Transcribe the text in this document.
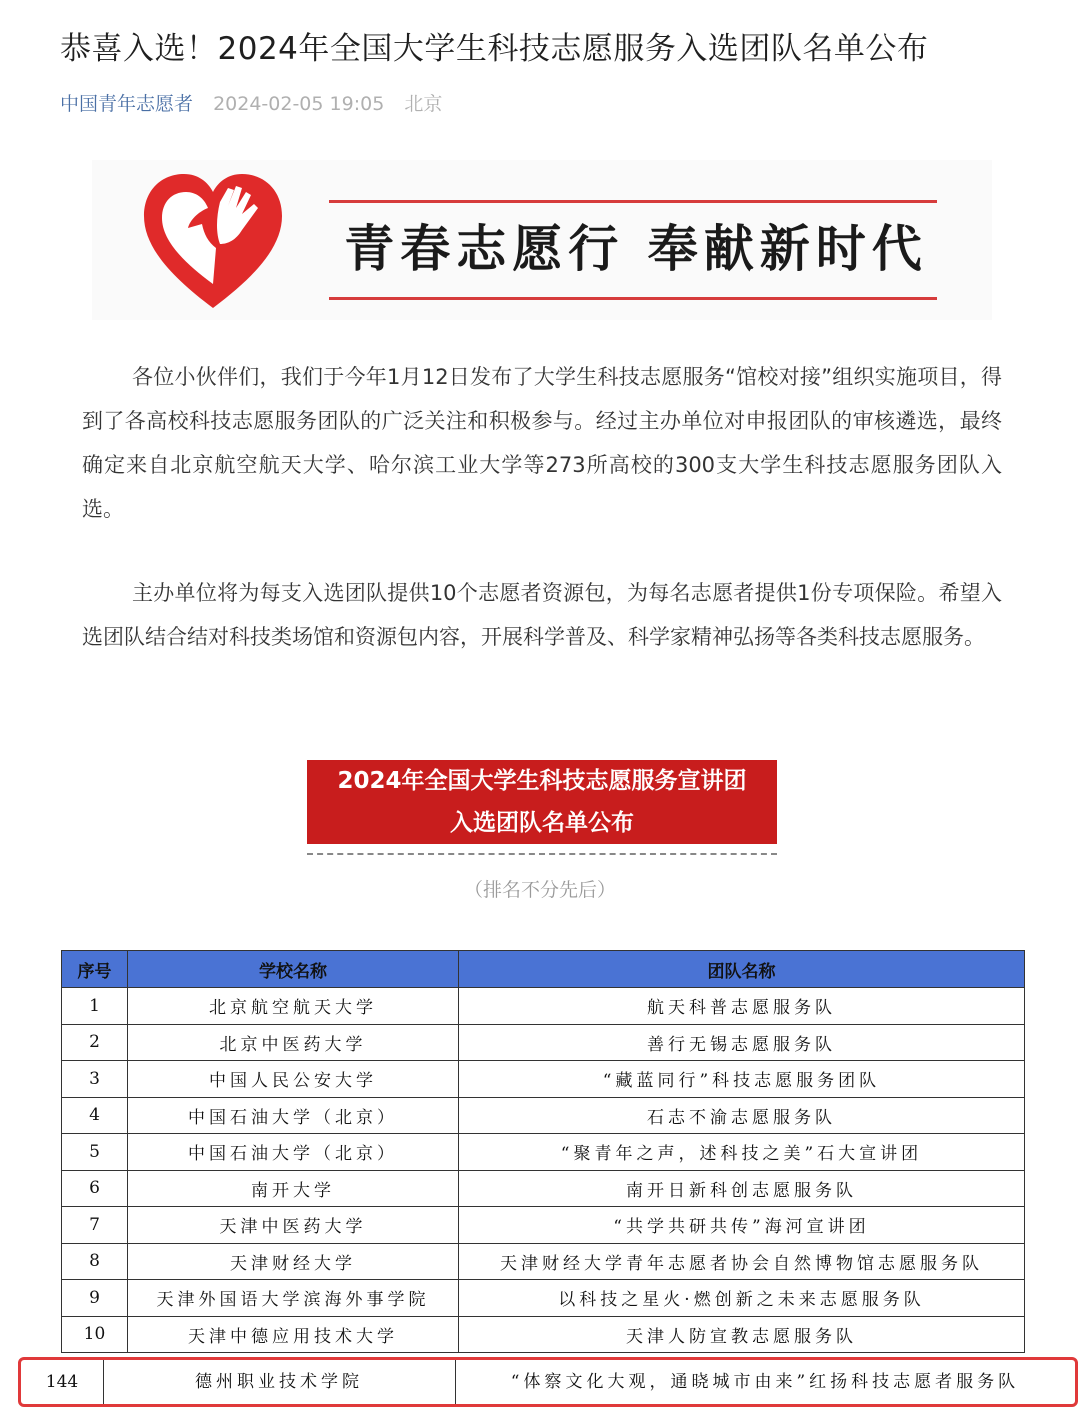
恭喜入选！2024年全国大学生科技志愿服务入选团队名单公布
中国青年志愿者 2024-02-05 19:05 北京
青春志愿行 奉献新时代
各位小伙伴们，我们于今年1月12日发布了大学生科技志愿服务“馆校对接”组织实施项目，得到了各高校科技志愿服务团队的广泛关注和积极参与。经过主办单位对申报团队的审核遴选，最终确定来自北京航空航天大学、哈尔滨工业大学等273所高校的300支大学生科技志愿服务团队入选。
主办单位将为每支入选团队提供10个志愿者资源包，为每名志愿者提供1份专项保险。希望入选团队结合结对科技类场馆和资源包内容，开展科学普及、科学家精神弘扬等各类科技志愿服务。
2024年全国大学生科技志愿服务宣讲团
入选团队名单公布
（排名不分先后）
序号	学校名称	团队名称
1	北京航空航天大学	航天科普志愿服务队
2	北京中医药大学	善行无锡志愿服务队
3	中国人民公安大学	“藏蓝同行”科技志愿服务团队
4	中国石油大学（北京）	石志不渝志愿服务队
5	中国石油大学（北京）	“聚青年之声，述科技之美”石大宣讲团
6	南开大学	南开日新科创志愿服务队
7	天津中医药大学	“共学共研共传”海河宣讲团
8	天津财经大学	天津财经大学青年志愿者协会自然博物馆志愿服务队
9	天津外国语大学滨海外事学院	以科技之星火·燃创新之未来志愿服务队
10	天津中德应用技术大学	天津人防宣教志愿服务队
144	德州职业技术学院	“体察文化大观，通晓城市由来”红扬科技志愿者服务队
